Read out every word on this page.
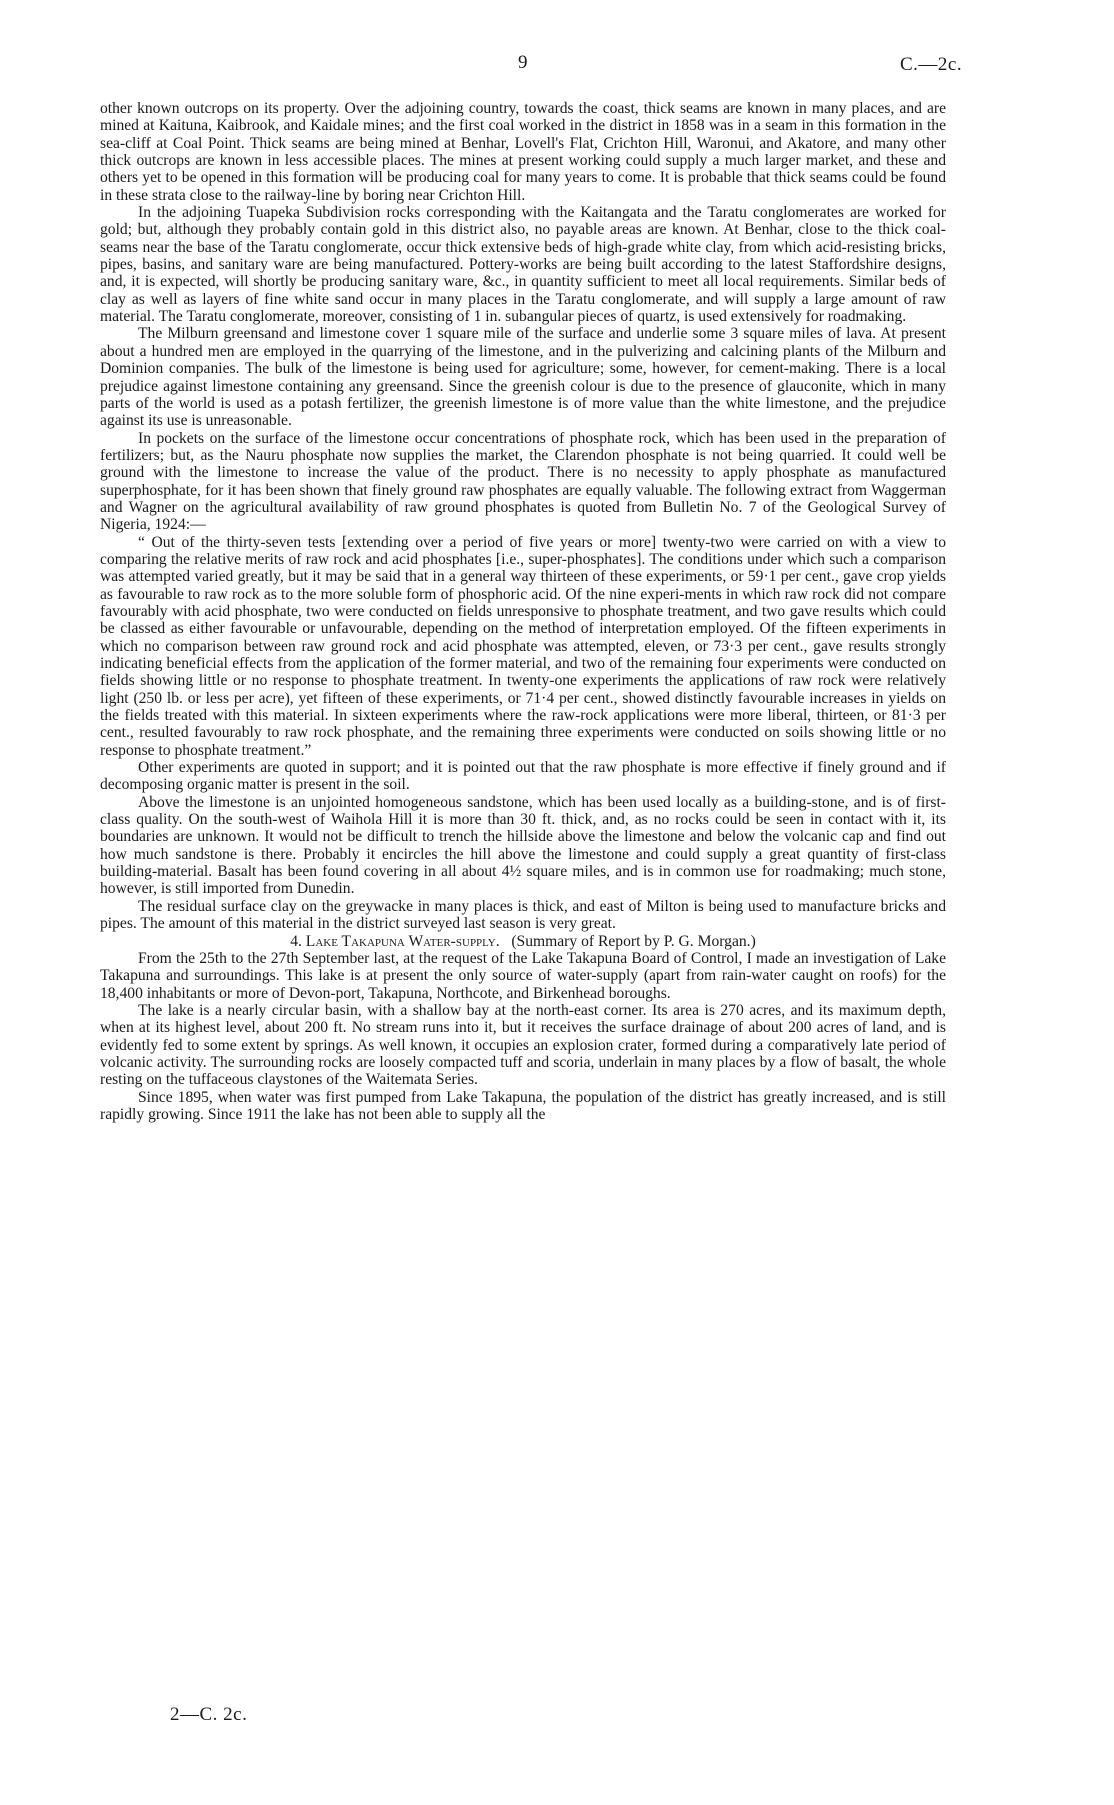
9	C.—2c.

other known outcrops on its property. Over the adjoining country, towards the coast, thick seams are known in many places, and are mined at Kaituna, Kaibrook, and Kaidale mines; and the first coal worked in the district in 1858 was in a seam in this formation in the sea-cliff at Coal Point. Thick seams are being mined at Benhar, Lovell's Flat, Crichton Hill, Waronui, and Akatore, and many other thick outcrops are known in less accessible places. The mines at present working could supply a much larger market, and these and others yet to be opened in this formation will be producing coal for many years to come. It is probable that thick seams could be found in these strata close to the railway-line by boring near Crichton Hill.

In the adjoining Tuapeka Subdivision rocks corresponding with the Kaitangata and the Taratu conglomerates are worked for gold; but, although they probably contain gold in this district also, no payable areas are known. At Benhar, close to the thick coal-seams near the base of the Taratu conglomerate, occur thick extensive beds of high-grade white clay, from which acid-resisting bricks, pipes, basins, and sanitary ware are being manufactured. Pottery-works are being built according to the latest Staffordshire designs, and, it is expected, will shortly be producing sanitary ware, &c., in quantity sufficient to meet all local requirements. Similar beds of clay as well as layers of fine white sand occur in many places in the Taratu conglomerate, and will supply a large amount of raw material. The Taratu conglomerate, moreover, consisting of 1 in. subangular pieces of quartz, is used extensively for roadmaking.

The Milburn greensand and limestone cover 1 square mile of the surface and underlie some 3 square miles of lava. At present about a hundred men are employed in the quarrying of the limestone, and in the pulverizing and calcining plants of the Milburn and Dominion companies. The bulk of the limestone is being used for agriculture; some, however, for cement-making. There is a local prejudice against limestone containing any greensand. Since the greenish colour is due to the presence of glauconite, which in many parts of the world is used as a potash fertilizer, the greenish limestone is of more value than the white limestone, and the prejudice against its use is unreasonable.

In pockets on the surface of the limestone occur concentrations of phosphate rock, which has been used in the preparation of fertilizers; but, as the Nauru phosphate now supplies the market, the Clarendon phosphate is not being quarried. It could well be ground with the limestone to increase the value of the product. There is no necessity to apply phosphate as manufactured superphosphate, for it has been shown that finely ground raw phosphates are equally valuable. The following extract from Waggerman and Wagner on the agricultural availability of raw ground phosphates is quoted from Bulletin No. 7 of the Geological Survey of Nigeria, 1924:—

“ Out of the thirty-seven tests [extending over a period of five years or more] twenty-two were carried on with a view to comparing the relative merits of raw rock and acid phosphates [i.e., super-phosphates]. The conditions under which such a comparison was attempted varied greatly, but it may be said that in a general way thirteen of these experiments, or 59·1 per cent., gave crop yields as favourable to raw rock as to the more soluble form of phosphoric acid. Of the nine experi-ments in which raw rock did not compare favourably with acid phosphate, two were conducted on fields unresponsive to phosphate treatment, and two gave results which could be classed as either favourable or unfavourable, depending on the method of interpretation employed. Of the fifteen experiments in which no comparison between raw ground rock and acid phosphate was attempted, eleven, or 73·3 per cent., gave results strongly indicating beneficial effects from the application of the former material, and two of the remaining four experiments were conducted on fields showing little or no response to phosphate treatment. In twenty-one experiments the applications of raw rock were relatively light (250 lb. or less per acre), yet fifteen of these experiments, or 71·4 per cent., showed distinctly favourable increases in yields on the fields treated with this material. In sixteen experiments where the raw-rock applications were more liberal, thirteen, or 81·3 per cent., resulted favourably to raw rock phosphate, and the remaining three experiments were conducted on soils showing little or no response to phosphate treatment.”

Other experiments are quoted in support; and it is pointed out that the raw phosphate is more effective if finely ground and if decomposing organic matter is present in the soil.

Above the limestone is an unjointed homogeneous sandstone, which has been used locally as a building-stone, and is of first-class quality. On the south-west of Waihola Hill it is more than 30 ft. thick, and, as no rocks could be seen in contact with it, its boundaries are unknown. It would not be difficult to trench the hillside above the limestone and below the volcanic cap and find out how much sandstone is there. Probably it encircles the hill above the limestone and could supply a great quantity of first-class building-material. Basalt has been found covering in all about 4½ square miles, and is in common use for roadmaking; much stone, however, is still imported from Dunedin.

The residual surface clay on the greywacke in many places is thick, and east of Milton is being used to manufacture bricks and pipes. The amount of this material in the district surveyed last season is very great.

4. Lake Takapuna Water-supply. (Summary of Report by P. G. Morgan.)

From the 25th to the 27th September last, at the request of the Lake Takapuna Board of Control, I made an investigation of Lake Takapuna and surroundings. This lake is at present the only source of water-supply (apart from rain-water caught on roofs) for the 18,400 inhabitants or more of Devon-port, Takapuna, Northcote, and Birkenhead boroughs.

The lake is a nearly circular basin, with a shallow bay at the north-east corner. Its area is 270 acres, and its maximum depth, when at its highest level, about 200 ft. No stream runs into it, but it receives the surface drainage of about 200 acres of land, and is evidently fed to some extent by springs. As well known, it occupies an explosion crater, formed during a comparatively late period of volcanic activity. The surrounding rocks are loosely compacted tuff and scoria, underlain in many places by a flow of basalt, the whole resting on the tuffaceous claystones of the Waitemata Series.

Since 1895, when water was first pumped from Lake Takapuna, the population of the district has greatly increased, and is still rapidly growing. Since 1911 the lake has not been able to supply all the

2—C. 2c.
